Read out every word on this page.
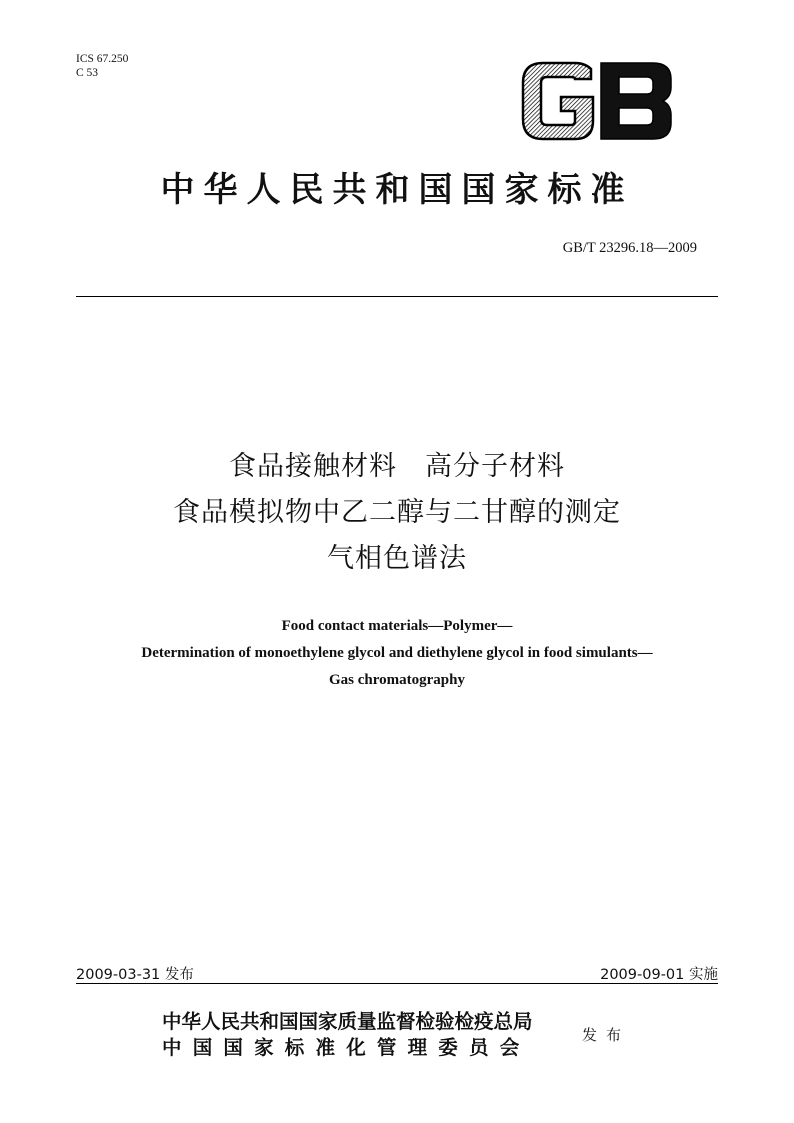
ICS 67.250
C 53
中华人民共和国国家标准
GB/T 23296.18—2009
食品接触材料　高分子材料
食品模拟物中乙二醇与二甘醇的测定
气相色谱法
Food contact materials—Polymer—
Determination of monoethylene glycol and diethylene glycol in food simulants—
Gas chromatography
2009-03-31 发布	2009-09-01 实施
中华人民共和国国家质量监督检验检疫总局
中国国家标准化管理委员会
发布
